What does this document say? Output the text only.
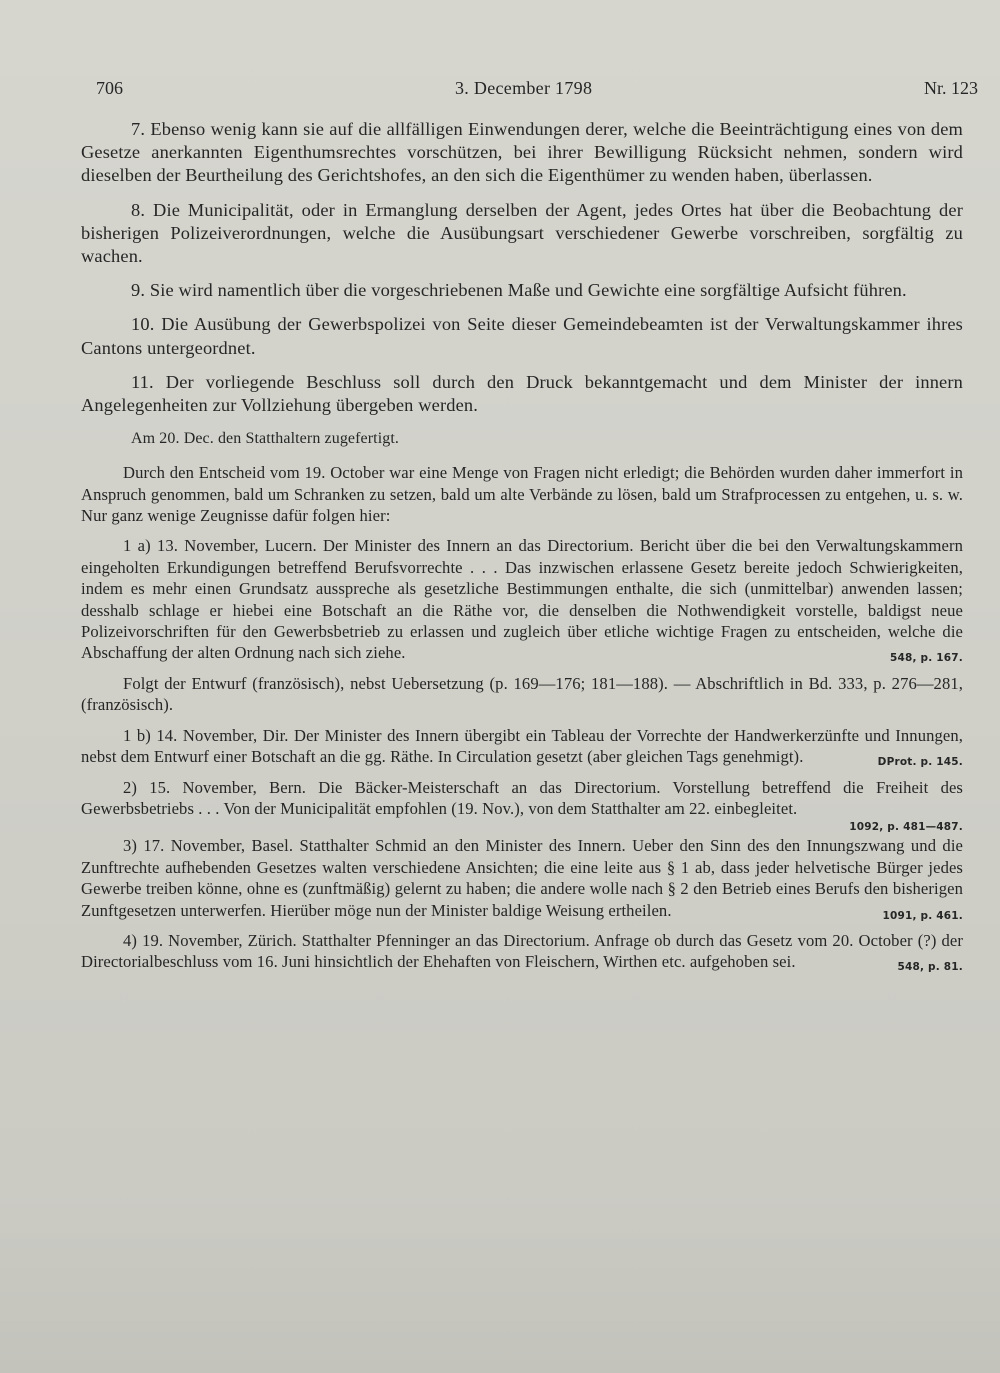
706	3. December 1798	Nr. 123

7. Ebenso wenig kann sie auf die allfälligen Einwendungen derer, welche die Beeinträchtigung eines von dem Gesetze anerkannten Eigenthumsrechtes vorschützen, bei ihrer Bewilligung Rücksicht nehmen, sondern wird dieselben der Beurtheilung des Gerichtshofes, an den sich die Eigenthümer zu wenden haben, überlassen.

8. Die Municipalität, oder in Ermanglung derselben der Agent, jedes Ortes hat über die Beobachtung der bisherigen Polizeiverordnungen, welche die Ausübungsart verschiedener Gewerbe vorschreiben, sorgfältig zu wachen.

9. Sie wird namentlich über die vorgeschriebenen Maße und Gewichte eine sorgfältige Aufsicht führen.

10. Die Ausübung der Gewerbspolizei von Seite dieser Gemeindebeamten ist der Verwaltungskammer ihres Cantons untergeordnet.

11. Der vorliegende Beschluss soll durch den Druck bekanntgemacht und dem Minister der innern Angelegenheiten zur Vollziehung übergeben werden.

Am 20. Dec. den Statthaltern zugefertigt.

Durch den Entscheid vom 19. October war eine Menge von Fragen nicht erledigt; die Behörden wurden daher immerfort in Anspruch genommen, bald um Schranken zu setzen, bald um alte Verbände zu lösen, bald um Strafprocessen zu entgehen, u. s. w. Nur ganz wenige Zeugnisse dafür folgen hier:

1 a) 13. November, Lucern. Der Minister des Innern an das Directorium. Bericht über die bei den Verwaltungskammern eingeholten Erkundigungen betreffend Berufsvorrechte . . . Das inzwischen erlassene Gesetz bereite jedoch Schwierigkeiten, indem es mehr einen Grundsatz ausspreche als gesetzliche Bestimmungen enthalte, die sich (unmittelbar) anwenden lassen; desshalb schlage er hiebei eine Botschaft an die Räthe vor, die denselben die Nothwendigkeit vorstelle, baldigst neue Polizeivorschriften für den Gewerbsbetrieb zu erlassen und zugleich über etliche wichtige Fragen zu entscheiden, welche die Abschaffung der alten Ordnung nach sich ziehe.	548, p. 167.

Folgt der Entwurf (französisch), nebst Uebersetzung (p. 169—176; 181—188). — Abschriftlich in Bd. 333, p. 276—281, (französisch).

1 b) 14. November, Dir. Der Minister des Innern übergibt ein Tableau der Vorrechte der Handwerkerzünfte und Innungen, nebst dem Entwurf einer Botschaft an die gg. Räthe. In Circulation gesetzt (aber gleichen Tags genehmigt).	DProt. p. 145.

2) 15. November, Bern. Die Bäcker-Meisterschaft an das Directorium. Vorstellung betreffend die Freiheit des Gewerbsbetriebs . . . Von der Municipalität empfohlen (19. Nov.), von dem Statthalter am 22. einbegleitet.

1092, p. 481—487.

3) 17. November, Basel. Statthalter Schmid an den Minister des Innern. Ueber den Sinn des den Innungszwang und die Zunftrechte aufhebenden Gesetzes walten verschiedene Ansichten; die eine leite aus § 1 ab, dass jeder helvetische Bürger jedes Gewerbe treiben könne, ohne es (zunftmäßig) gelernt zu haben; die andere wolle nach § 2 den Betrieb eines Berufs den bisherigen Zunftgesetzen unterwerfen. Hierüber möge nun der Minister baldige Weisung ertheilen.	1091, p. 461.

4) 19. November, Zürich. Statthalter Pfenninger an das Directorium. Anfrage ob durch das Gesetz vom 20. October (?) der Directorialbeschluss vom 16. Juni hinsichtlich der Ehehaften von Fleischern, Wirthen etc. aufgehoben sei.	548, p. 81.
